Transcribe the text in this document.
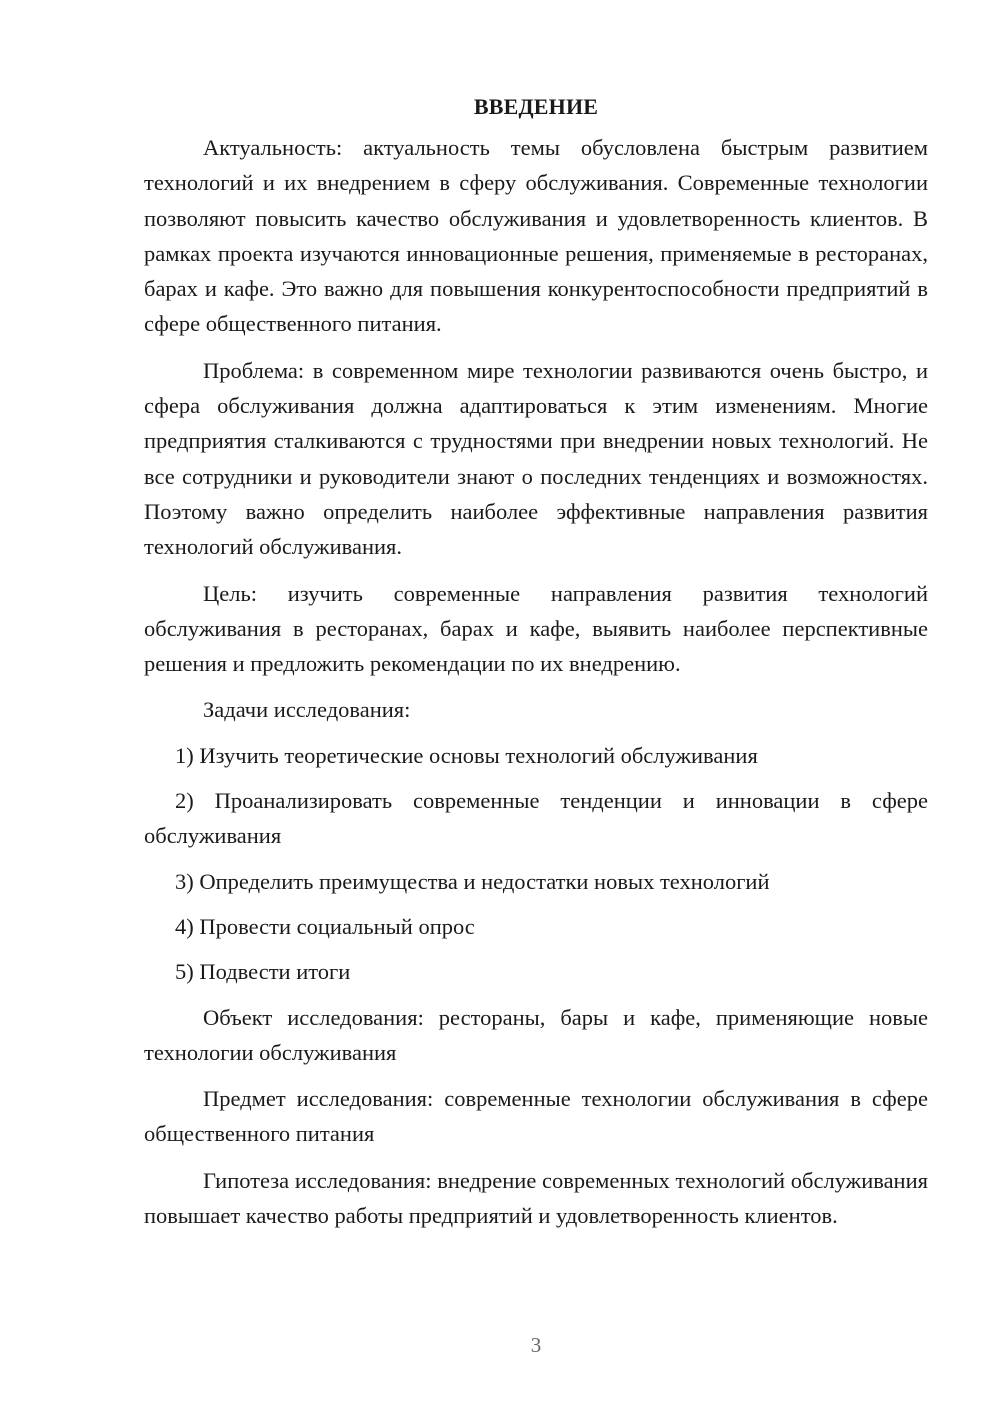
ВВЕДЕНИЕ

Актуальность: актуальность темы обусловлена быстрым развитием технологий и их внедрением в сферу обслуживания. Современные технологии позволяют повысить качество обслуживания и удовлетворенность клиентов. В рамках проекта изучаются инновационные решения, применяемые в ресторанах, барах и кафе. Это важно для повышения конкурентоспособности предприятий в сфере общественного питания.

Проблема: в современном мире технологии развиваются очень быстро, и сфера обслуживания должна адаптироваться к этим изменениям. Многие предприятия сталкиваются с трудностями при внедрении новых технологий. Не все сотрудники и руководители знают о последних тенденциях и возможностях. Поэтому важно определить наиболее эффективные направления развития технологий обслуживания.

Цель: изучить современные направления развития технологий обслуживания в ресторанах, барах и кафе, выявить наиболее перспективные решения и предложить рекомендации по их внедрению.

Задачи исследования:

1) Изучить теоретические основы технологий обслуживания

2) Проанализировать современные тенденции и инновации в сфере обслуживания

3) Определить преимущества и недостатки новых технологий

4) Провести социальный опрос

5) Подвести итоги

Объект исследования: рестораны, бары и кафе, применяющие новые технологии обслуживания

Предмет исследования: современные технологии обслуживания в сфере общественного питания

Гипотеза исследования: внедрение современных технологий обслуживания повышает качество работы предприятий и удовлетворенность клиентов.

3
